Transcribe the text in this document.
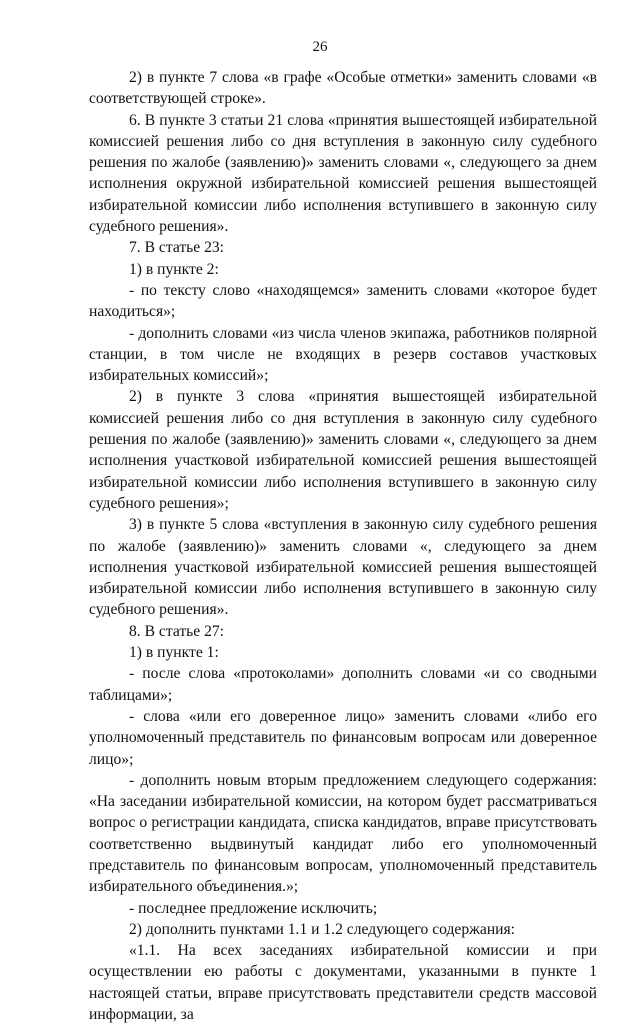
26

2) в пункте 7 слова «в графе «Особые отметки» заменить словами «в соответствующей строке».

6. В пункте 3 статьи 21 слова «принятия вышестоящей избирательной комиссией решения либо со дня вступления в законную силу судебного решения по жалобе (заявлению)» заменить словами «, следующего за днем исполнения окружной избирательной комиссией решения вышестоящей избирательной комиссии либо исполнения вступившего в законную силу судебного решения».

7. В статье 23:

1) в пункте 2:

- по тексту слово «находящемся» заменить словами «которое будет находиться»;

- дополнить словами «из числа членов экипажа, работников полярной станции, в том числе не входящих в резерв составов участковых избирательных комиссий»;

2) в пункте 3 слова «принятия вышестоящей избирательной комиссией решения либо со дня вступления в законную силу судебного решения по жалобе (заявлению)» заменить словами «, следующего за днем исполнения участковой избирательной комиссией решения вышестоящей избирательной комиссии либо исполнения вступившего в законную силу судебного решения»;

3) в пункте 5 слова «вступления в законную силу судебного решения по жалобе (заявлению)» заменить словами «, следующего за днем исполнения участковой избирательной комиссией решения вышестоящей избирательной комиссии либо исполнения вступившего в законную силу судебного решения».

8. В статье 27:

1) в пункте 1:

- после слова «протоколами» дополнить словами «и со сводными таблицами»;

- слова «или его доверенное лицо» заменить словами «либо его уполномоченный представитель по финансовым вопросам или доверенное лицо»;

- дополнить новым вторым предложением следующего содержания: «На заседании избирательной комиссии, на котором будет рассматриваться вопрос о регистрации кандидата, списка кандидатов, вправе присутствовать соответственно выдвинутый кандидат либо его уполномоченный представитель по финансовым вопросам, уполномоченный представитель избирательного объединения.»;

- последнее предложение исключить;

2) дополнить пунктами 1.1 и 1.2 следующего содержания:

«1.1. На всех заседаниях избирательной комиссии и при осуществлении ею работы с документами, указанными в пункте 1 настоящей статьи, вправе присутствовать представители средств массовой информации, за
